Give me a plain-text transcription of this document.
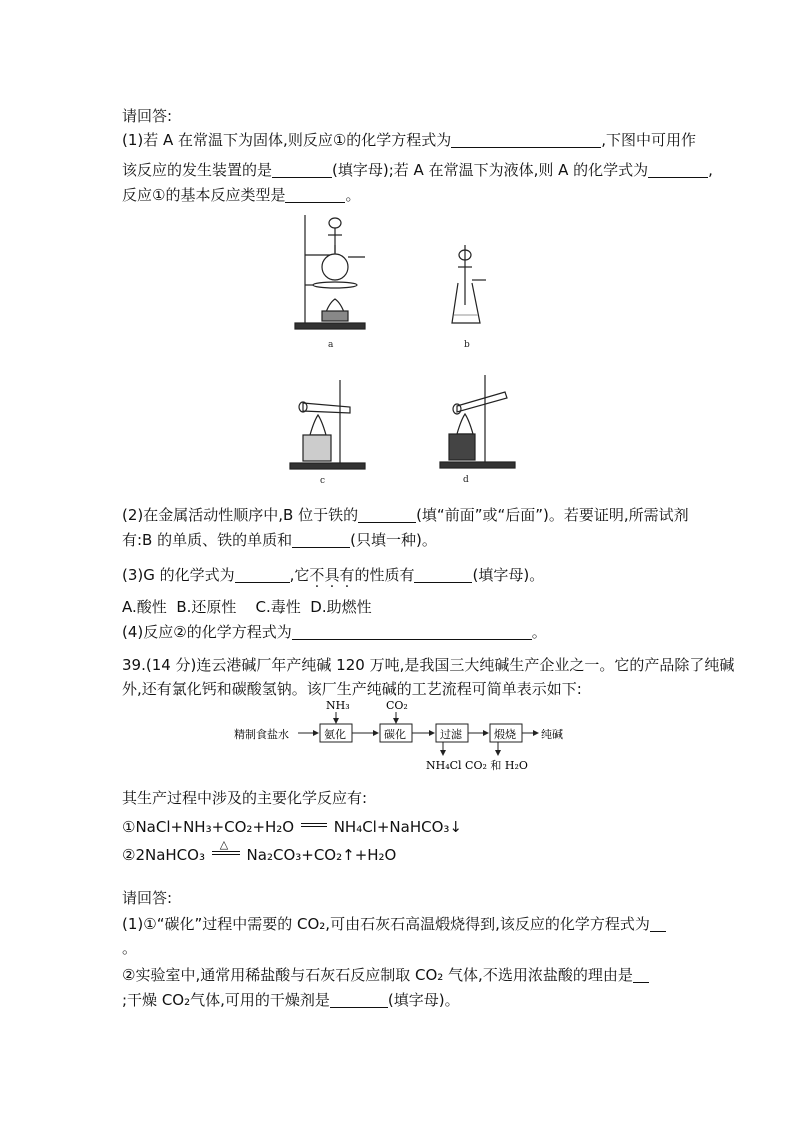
请回答:
(1)若 A 在常温下为固体,则反应①的化学方程式为	,下图中可用作
该反应的发生装置的是	(填字母);若 A 在常温下为液体,则 A 的化学式为	,
反应①的基本反应类型是	。
a	b
c	d
(2)在金属活动性顺序中,B 位于铁的	(填“前面”或“后面”)。若要证明,所需试剂
有:B 的单质、铁的单质和	(只填一种)。
(3)G 的化学式为	,它不具有的性质有	(填字母)。
A.酸性 B.还原性 C.毒性 D.助燃性
(4)反应②的化学方程式为	。
39.(14 分)连云港碱厂年产纯碱 120 万吨,是我国三大纯碱生产企业之一。它的产品除了纯碱
外,还有氯化钙和碳酸氢钠。该厂生产纯碱的工艺流程可简单表示如下:
精制食盐水	氨化	碳化	过滤	煅烧 纯碱
NH₃	CO₂
NH₄Cl CO₂ 和 H₂O
其生产过程中涉及的主要化学反应有:
①NaCl+NH₃+CO₂+H₂O	NH₄Cl+NaHCO₃↓
②2NaHCO₃
△
Na₂CO₃+CO₂↑+H₂O
请回答:
(1)①“碳化”过程中需要的 CO₂,可由石灰石高温煅烧得到,该反应的化学方程式为
。
②实验室中,通常用稀盐酸与石灰石反应制取 CO₂ 气体,不选用浓盐酸的理由是
;干燥 CO₂气体,可用的干燥剂是	(填字母)。
